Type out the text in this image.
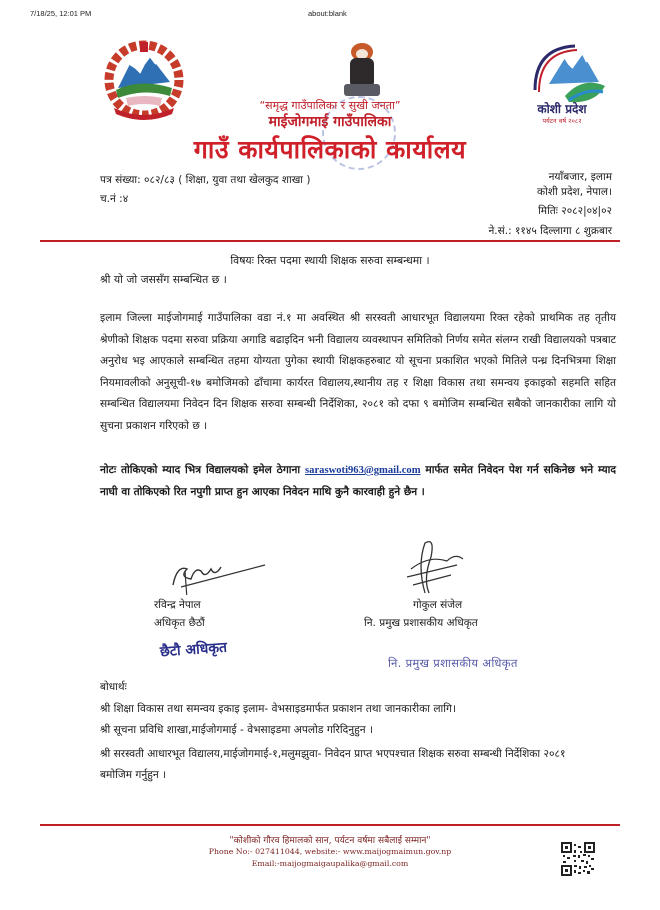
7/18/25, 12:01 PM	about:blank
कोशी प्रदेश
पर्यटन वर्ष २०८२
“समृद्ध गाउँपालिका र सुखी जनता”
माईजोगमाई गाउँपालिका
गाउँ कार्यपालिकाको कार्यालय
पत्र संख्या: ०८२/८३ ( शिक्षा, युवा तथा खेलकुद शाखा )
च.नं :४
नयाँबजार, इलाम
कोशी प्रदेश, नेपाल।
मितिः २०८२|०४|०२
ने.सं.: ११४५ दिल्लागा ८ शुक्रबार
विषयः रिक्त पदमा स्थायी शिक्षक सरुवा सम्बन्धमा ।
श्री यो जो जससँग सम्बन्धित छ ।
इलाम जिल्ला माईजोगमाई गाउँपालिका वडा नं.१ मा अवस्थित श्री सरस्वती आधारभूत विद्यालयमा रिक्त रहेको प्राथमिक तह तृतीय श्रेणीको शिक्षक पदमा सरुवा प्रक्रिया अगाडि बढाइदिन भनी विद्यालय व्यवस्थापन समितिको निर्णय समेत संलग्न राखी विद्यालयको पत्रबाट अनुरोध भइ आएकाले सम्बन्धित तहमा योग्यता पुगेका स्थायी शिक्षकहरुबाट यो सूचना प्रकाशित भएको मितिले पन्ध्र दिनभित्रमा शिक्षा नियमावलीको अनुसूची-१७ बमोजिमको ढाँचामा कार्यरत विद्यालय,स्थानीय तह र शिक्षा विकास तथा समन्वय इकाइको सहमति सहित सम्बन्धित विद्यालयमा निवेदन दिन शिक्षक सरुवा सम्बन्धी निर्देशिका, २०८१ को दफा ९ बमोजिम सम्बन्धित सबैको जानकारीका लागि यो सुचना प्रकाशन गरिएको छ ।
नोटः तोकिएको म्याद भित्र विद्यालयको इमेल ठेगाना saraswoti963@gmail.com मार्फत समेत निवेदन पेश गर्न सकिनेछ भने म्याद नाघी वा तोकिएको रित नपुगी प्राप्त हुन आएका निवेदन माथि कुनै कारवाही हुने छैन ।
रविन्द्र नेपाल
अधिकृत छैठौं
छैटौ अधिकृत
गोकुल संजेल
नि. प्रमुख प्रशासकीय अधिकृत
नि. प्रमुख प्रशासकीय अधिकृत
बोधार्थः
श्री शिक्षा विकास तथा समन्वय इकाइ इलाम- वेभसाइडमार्फत प्रकाशन तथा जानकारीका लागि।
श्री सूचना प्रविधि शाखा,माईजोगमाई - वेभसाइडमा अपलोड गरिदिनुहुन ।
श्री सरस्वती आधारभूत विद्यालय,माईजोगमाई-१,मलुमझुवा- निवेदन प्राप्त भएपश्चात शिक्षक सरुवा सम्बन्धी निर्देशिका २०८१ बमोजिम गर्नुहुन ।
"कोशीको गौरव हिमालको सान, पर्यटन वर्षमा सबैलाई सम्मान"
Phone No:- 027411044, website:- www.maijogmaimun.gov.np
Email:-maijogmaigaupalika@gmail.com
